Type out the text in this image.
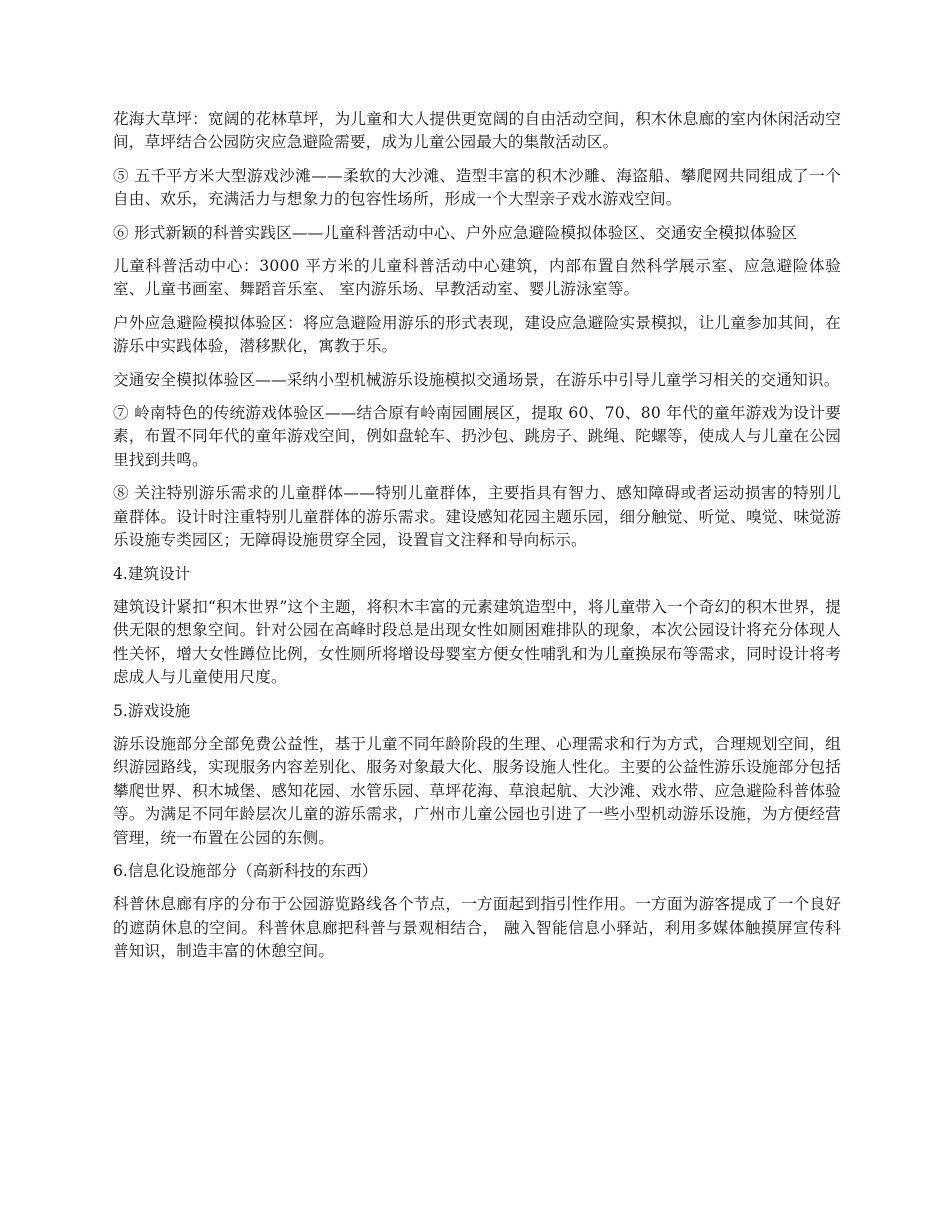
花海大草坪：宽阔的花林草坪，为儿童和大人提供更宽阔的自由活动空间，积木休息廊的室内休闲活动空间，草坪结合公园防灾应急避险需要，成为儿童公园最大的集散活动区。

⑤ 五千平方米大型游戏沙滩——柔软的大沙滩、造型丰富的积木沙雕、海盗船、攀爬网共同组成了一个自由、欢乐，充满活力与想象力的包容性场所，形成一个大型亲子戏水游戏空间。

⑥ 形式新颖的科普实践区——儿童科普活动中心、户外应急避险模拟体验区、交通安全模拟体验区

儿童科普活动中心：3000 平方米的儿童科普活动中心建筑，内部布置自然科学展示室、应急避险体验室、儿童书画室、舞蹈音乐室、 室内游乐场、早教活动室、婴儿游泳室等。

户外应急避险模拟体验区：将应急避险用游乐的形式表现，建设应急避险实景模拟，让儿童参加其间，在游乐中实践体验，潜移默化，寓教于乐。

交通安全模拟体验区——采纳小型机械游乐设施模拟交通场景，在游乐中引导儿童学习相关的交通知识。

⑦ 岭南特色的传统游戏体验区——结合原有岭南园圃展区，提取 60、70、80 年代的童年游戏为设计要素，布置不同年代的童年游戏空间，例如盘轮车、扔沙包、跳房子、跳绳、陀螺等，使成人与儿童在公园里找到共鸣。

⑧ 关注特别游乐需求的儿童群体——特别儿童群体，主要指具有智力、感知障碍或者运动损害的特别儿童群体。设计时注重特别儿童群体的游乐需求。建设感知花园主题乐园，细分触觉、听觉、嗅觉、味觉游乐设施专类园区；无障碍设施贯穿全园，设置盲文注释和导向标示。

4.建筑设计

建筑设计紧扣“积木世界”这个主题，将积木丰富的元素建筑造型中，将儿童带入一个奇幻的积木世界，提供无限的想象空间。针对公园在高峰时段总是出现女性如厕困难排队的现象，本次公园设计将充分体现人性关怀，增大女性蹲位比例，女性厕所将增设母婴室方便女性哺乳和为儿童换尿布等需求，同时设计将考虑成人与儿童使用尺度。

5.游戏设施

游乐设施部分全部免费公益性，基于儿童不同年龄阶段的生理、心理需求和行为方式，合理规划空间，组织游园路线，实现服务内容差别化、服务对象最大化、服务设施人性化。主要的公益性游乐设施部分包括攀爬世界、积木城堡、感知花园、水管乐园、草坪花海、草浪起航、大沙滩、戏水带、应急避险科普体验等。为满足不同年龄层次儿童的游乐需求，广州市儿童公园也引进了一些小型机动游乐设施，为方便经营管理，统一布置在公园的东侧。

6.信息化设施部分（高新科技的东西）

科普休息廊有序的分布于公园游览路线各个节点，一方面起到指引性作用。一方面为游客提成了一个良好的遮荫休息的空间。科普休息廊把科普与景观相结合， 融入智能信息小驿站，利用多媒体触摸屏宣传科普知识，制造丰富的休憩空间。
